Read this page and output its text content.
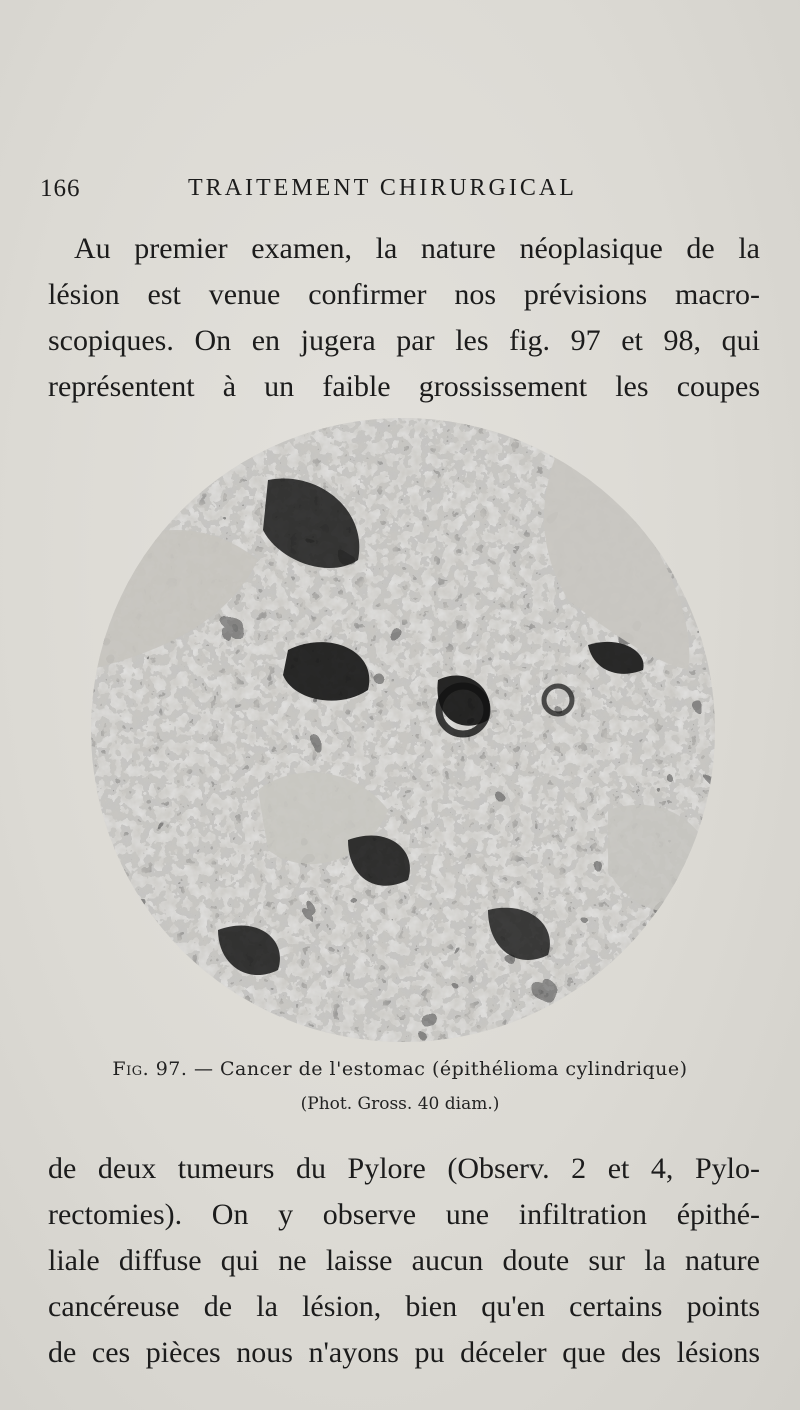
166	TRAITEMENT CHIRURGICAL
Au premier examen, la nature néoplasique de la
lésion est venue confirmer nos prévisions macro-
scopiques. On en jugera par les fig. 97 et 98, qui
représentent à un faible grossissement les coupes
Fig. 97. — Cancer de l'estomac (épithélioma cylindrique)
(Phot. Gross. 40 diam.)
de deux tumeurs du Pylore (Observ. 2 et 4, Pylo-
rectomies). On y observe une infiltration épithé-
liale diffuse qui ne laisse aucun doute sur la nature
cancéreuse de la lésion, bien qu'en certains points
de ces pièces nous n'ayons pu déceler que des lésions
